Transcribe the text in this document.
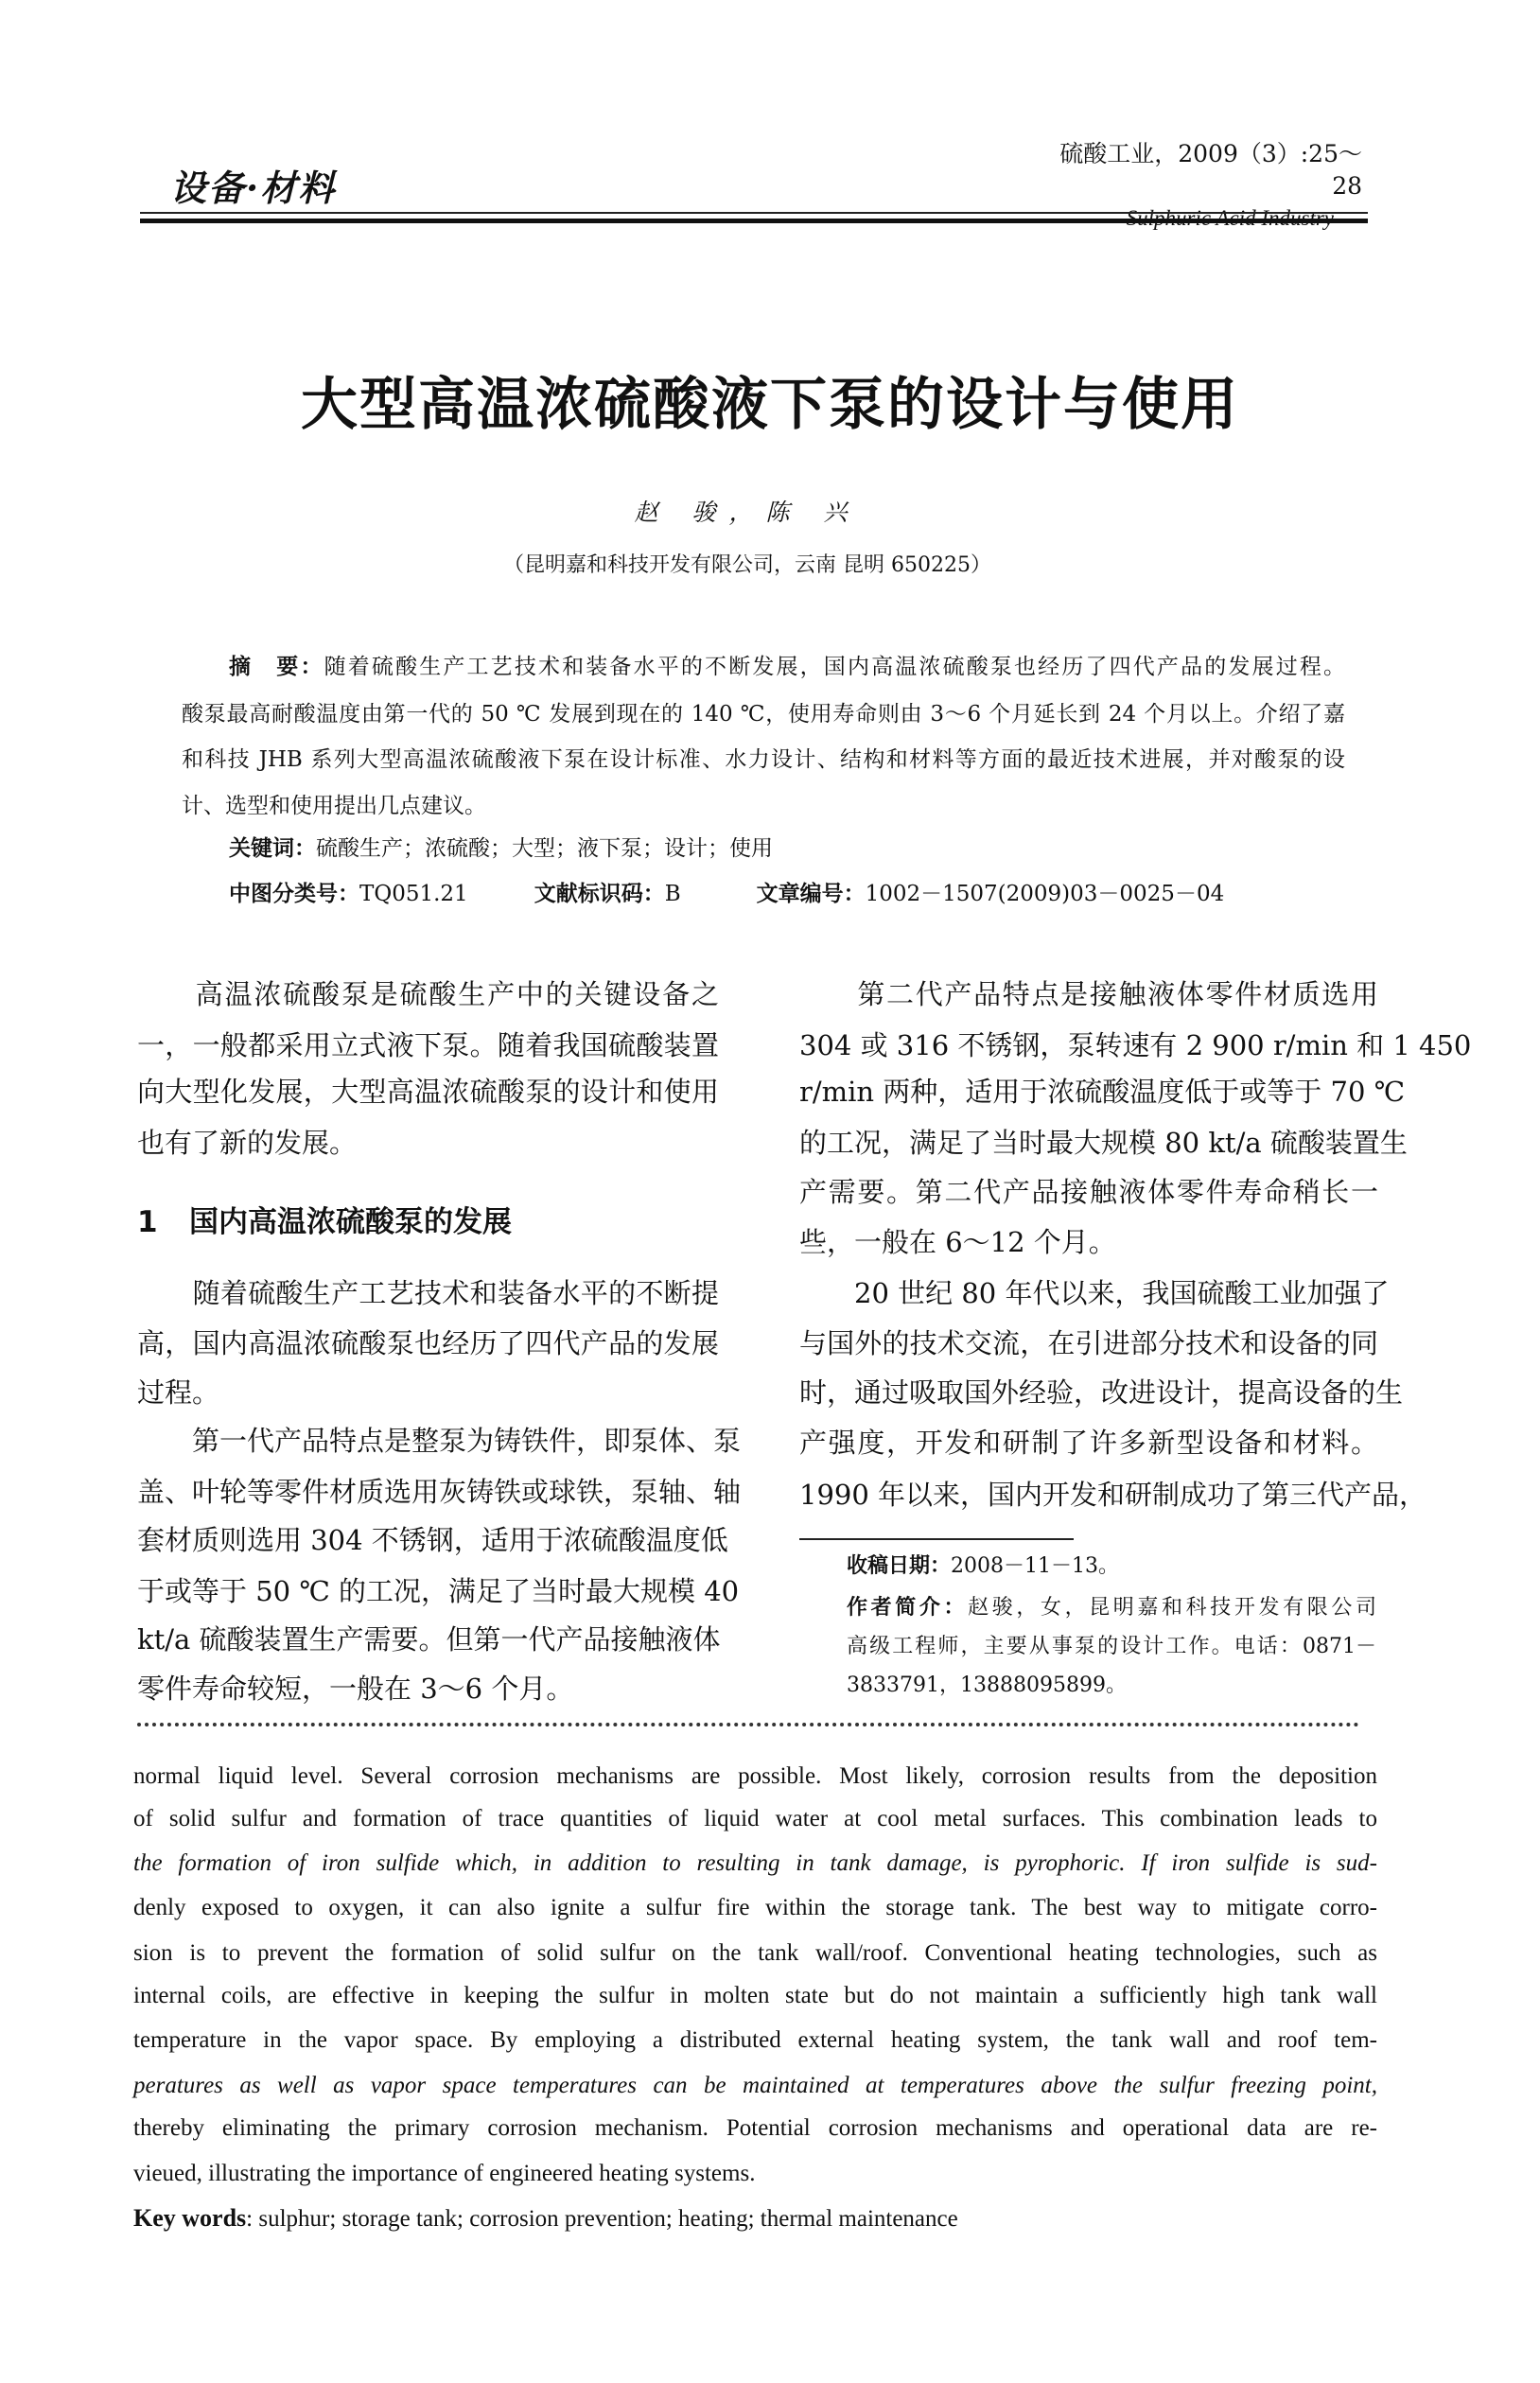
设备·材料
硫酸工业，2009（3）:25～28
大型高温浓硫酸液下泵的设计与使用
赵 骏，陈 兴
（昆明嘉和科技开发有限公司，云南 昆明 650225）
摘　要：随着硫酸生产工艺技术和装备水平的不断发展，国内高温浓硫酸泵也经历了四代产品的发展过程。
酸泵最高耐酸温度由第一代的 50 ℃ 发展到现在的 140 ℃，使用寿命则由 3～6 个月延长到 24 个月以上。介绍了嘉
和科技 JHB 系列大型高温浓硫酸液下泵在设计标准、水力设计、结构和材料等方面的最近技术进展，并对酸泵的设
计、选型和使用提出几点建议。
关键词：硫酸生产；浓硫酸；大型；液下泵；设计；使用
中图分类号：TQ051.21	文献标识码：B	文章编号：1002－1507(2009)03－0025－04
　　高温浓硫酸泵是硫酸生产中的关键设备之
一，一般都采用立式液下泵。随着我国硫酸装置
向大型化发展，大型高温浓硫酸泵的设计和使用
也有了新的发展。
　　随着硫酸生产工艺技术和装备水平的不断提
高，国内高温浓硫酸泵也经历了四代产品的发展
过程。
　　第一代产品特点是整泵为铸铁件，即泵体、泵
盖、叶轮等零件材质选用灰铸铁或球铁，泵轴、轴
套材质则选用 304 不锈钢，适用于浓硫酸温度低
于或等于 50 ℃ 的工况，满足了当时最大规模 40
kt/a 硫酸装置生产需要。但第一代产品接触液体
零件寿命较短，一般在 3～6 个月。
　　第二代产品特点是接触液体零件材质选用
304 或 316 不锈钢，泵转速有 2 900 r/min 和 1 450
r/min 两种，适用于浓硫酸温度低于或等于 70 ℃
的工况，满足了当时最大规模 80 kt/a 硫酸装置生
产需要。第二代产品接触液体零件寿命稍长一
些，一般在 6～12 个月。
　　20 世纪 80 年代以来，我国硫酸工业加强了
与国外的技术交流，在引进部分技术和设备的同
时，通过吸取国外经验，改进设计，提高设备的生
产强度，开发和研制了许多新型设备和材料。
1990 年以来，国内开发和研制成功了第三代产品，
1 国内高温浓硫酸泵的发展
收稿日期：2008－11－13。
作者简介：赵骏，女，昆明嘉和科技开发有限公司
高级工程师，主要从事泵的设计工作。电话：0871－
3833791，13888095899。
normal liquid level. Several corrosion mechanisms are possible. Most likely, corrosion results from the deposition
of solid sulfur and formation of trace quantities of liquid water at cool metal surfaces. This combination leads to
the formation of iron sulfide which, in addition to resulting in tank damage, is pyrophoric. If iron sulfide is sud-
denly exposed to oxygen, it can also ignite a sulfur fire within the storage tank. The best way to mitigate corro-
sion is to prevent the formation of solid sulfur on the tank wall/roof. Conventional heating technologies, such as
internal coils, are effective in keeping the sulfur in molten state but do not maintain a sufficiently high tank wall
temperature in the vapor space. By employing a distributed external heating system, the tank wall and roof tem-
peratures as well as vapor space temperatures can be maintained at temperatures above the sulfur freezing point,
thereby eliminating the primary corrosion mechanism. Potential corrosion mechanisms and operational data are re-
vieued, illustrating the importance of engineered heating systems.
Key words: sulphur; storage tank; corrosion prevention; heating; thermal maintenance
